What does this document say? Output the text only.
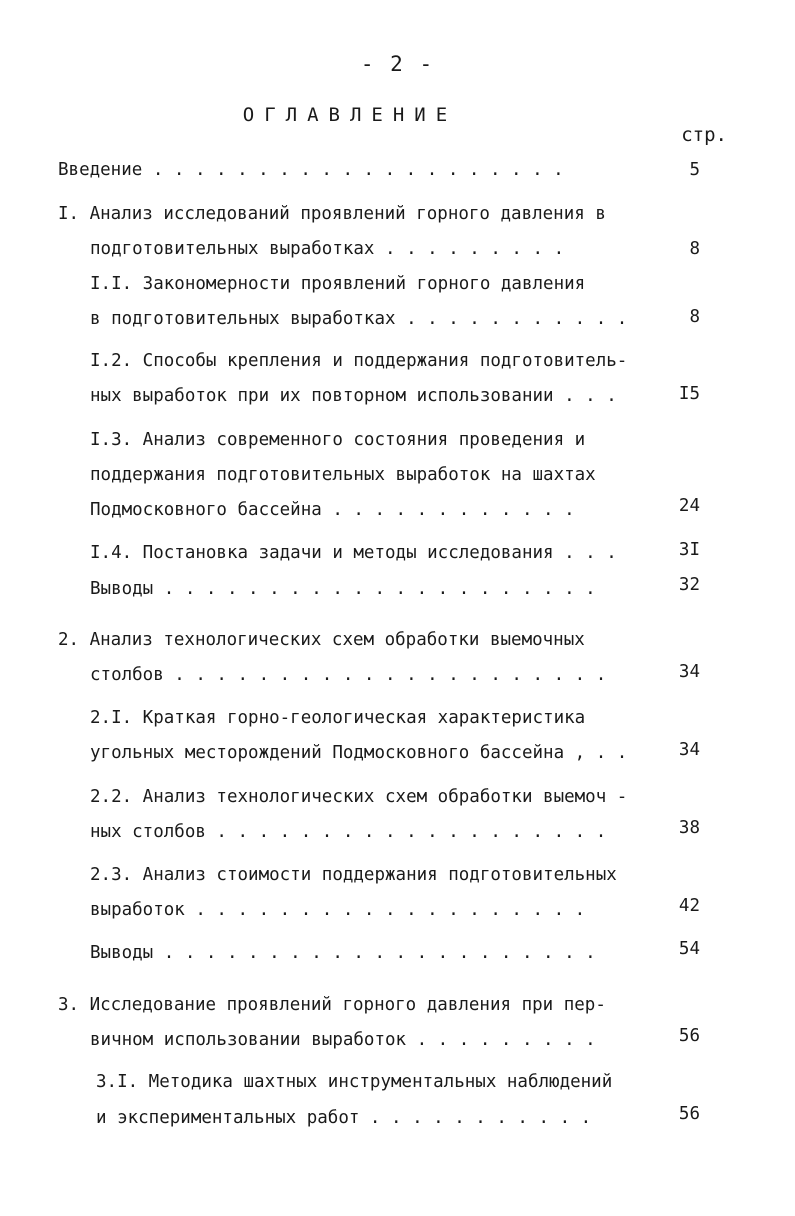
- 2 -
ОГЛАВЛЕНИЕ
стр.
Введение . . . . . . . . . . . . . . . . . . . .	5
I. Анализ исследований проявлений горного давления в
подготовительных выработках . . . . . . . . .	8
I.I. Закономерности проявлений горного давления
в подготовительных выработках . . . . . . . . . . .	8
I.2. Способы крепления и поддержания подготовитель-
ных выработок при их повторном использовании . . .	I5
I.3. Анализ современного состояния проведения и
поддержания подготовительных выработок на шахтах
Подмосковного бассейна . . . . . . . . . . . .	24
I.4. Постановка задачи и методы исследования . . .	3I
Выводы . . . . . . . . . . . . . . . . . . . . .	32
2. Анализ технологических схем обработки выемочных
столбов . . . . . . . . . . . . . . . . . . . . .	34
2.I. Краткая горно-геологическая характеристика
угольных месторождений Подмосковного бассейна , . .	34
2.2. Анализ технологических схем обработки выемоч -
ных столбов . . . . . . . . . . . . . . . . . . .	38
2.3. Анализ стоимости поддержания подготовительных
выработок . . . . . . . . . . . . . . . . . . .	42
Выводы . . . . . . . . . . . . . . . . . . . . .	54
3. Исследование проявлений горного давления при пер-
вичном использовании выработок . . . . . . . . .	56
3.I. Методика шахтных инструментальных наблюдений
и экспериментальных работ . . . . . . . . . . .	56
